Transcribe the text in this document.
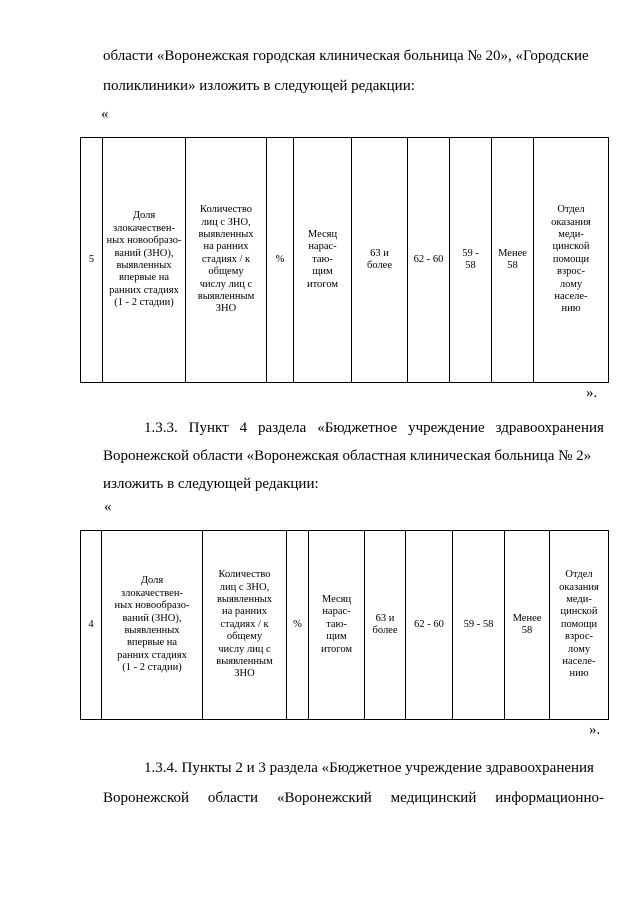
области «Воронежская городская клиническая больница № 20», «Городские
поликлиники» изложить в следующей редакции:
«
5	Доля
злокачествен-
ных новообразо-
ваний (ЗНО),
выявленных
впервые на
ранних стадиях
(1 - 2 стадии)	Количество
лиц с ЗНО,
выявленных
на ранних
стадиях / к
общему
числу лиц с
выявленным
ЗНО	%	Месяц
нарас-
таю-
щим
итогом	63 и
более	62 - 60	59 -
58	Менее
58	Отдел
оказания
меди-
цинской
помощи
взрос-
лому
населе-
нию
».
1.3.3. Пункт 4 раздела «Бюджетное учреждение здравоохранения
Воронежской области «Воронежская областная клиническая больница № 2»
изложить в следующей редакции:
«
4	Доля
злокачествен-
ных новообразо-
ваний (ЗНО),
выявленных
впервые на
ранних стадиях
(1 - 2 стадии)	Количество
лиц с ЗНО,
выявленных
на ранних
стадиях / к
общему
числу лиц с
выявленным
ЗНО	%	Месяц
нарас-
таю-
щим
итогом	63 и
более	62 - 60	59 - 58	Менее
58	Отдел
оказания
меди-
цинской
помощи
взрос-
лому
населе-
нию
».
1.3.4. Пункты 2 и 3 раздела «Бюджетное учреждение здравоохранения
Воронежской области «Воронежский медицинский информационно-
